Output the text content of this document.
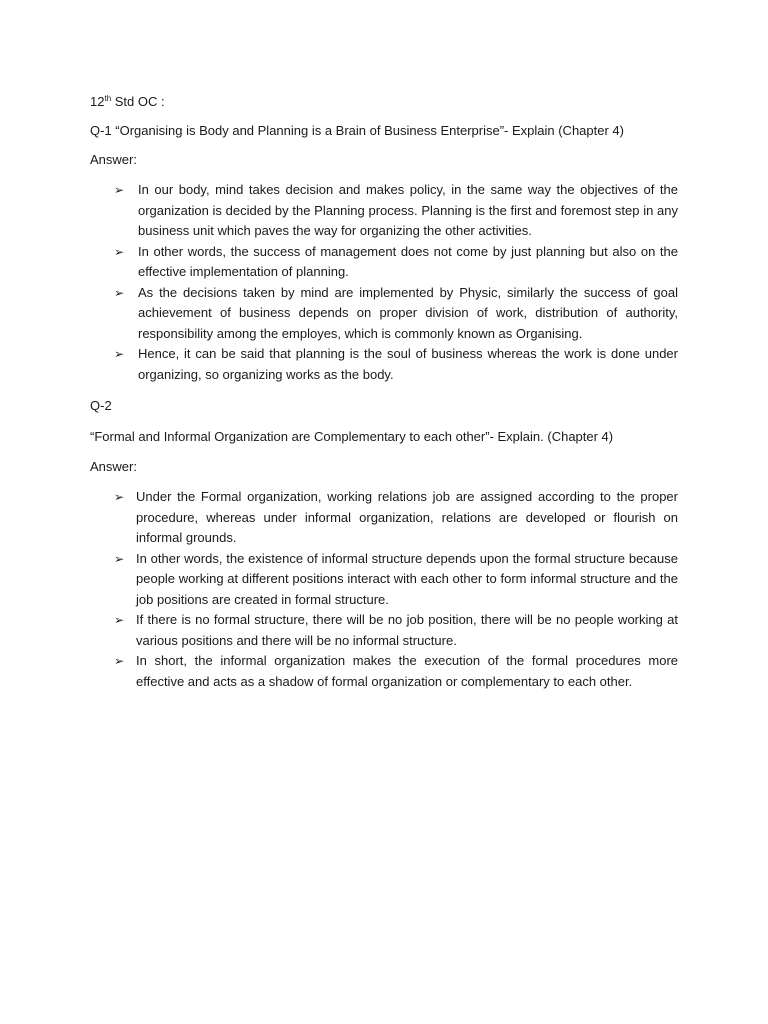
12th Std OC :
Q-1 “Organising is Body and Planning is a Brain of Business Enterprise”- Explain (Chapter 4)
Answer:
➢ In our body, mind takes decision and makes policy, in the same way the objectives of the organization is decided by the Planning process. Planning is the first and foremost step in any business unit which paves the way for organizing the other activities.
➢ In other words, the success of management does not come by just planning but also on the effective implementation of planning.
➢ As the decisions taken by mind are implemented by Physic, similarly the success of goal achievement of business depends on proper division of work, distribution of authority, responsibility among the employes, which is commonly known as Organising.
➢ Hence, it can be said that planning is the soul of business whereas the work is done under organizing, so organizing works as the body.
Q-2
“Formal and Informal Organization are Complementary to each other”- Explain. (Chapter 4)
Answer:
➢ Under the Formal organization, working relations job are assigned according to the proper procedure, whereas under informal organization, relations are developed or flourish on informal grounds.
➢ In other words, the existence of informal structure depends upon the formal structure because people working at different positions interact with each other to form informal structure and the job positions are created in formal structure.
➢ If there is no formal structure, there will be no job position, there will be no people working at various positions and there will be no informal structure.
➢ In short, the informal organization makes the execution of the formal procedures more effective and acts as a shadow of formal organization or complementary to each other.
